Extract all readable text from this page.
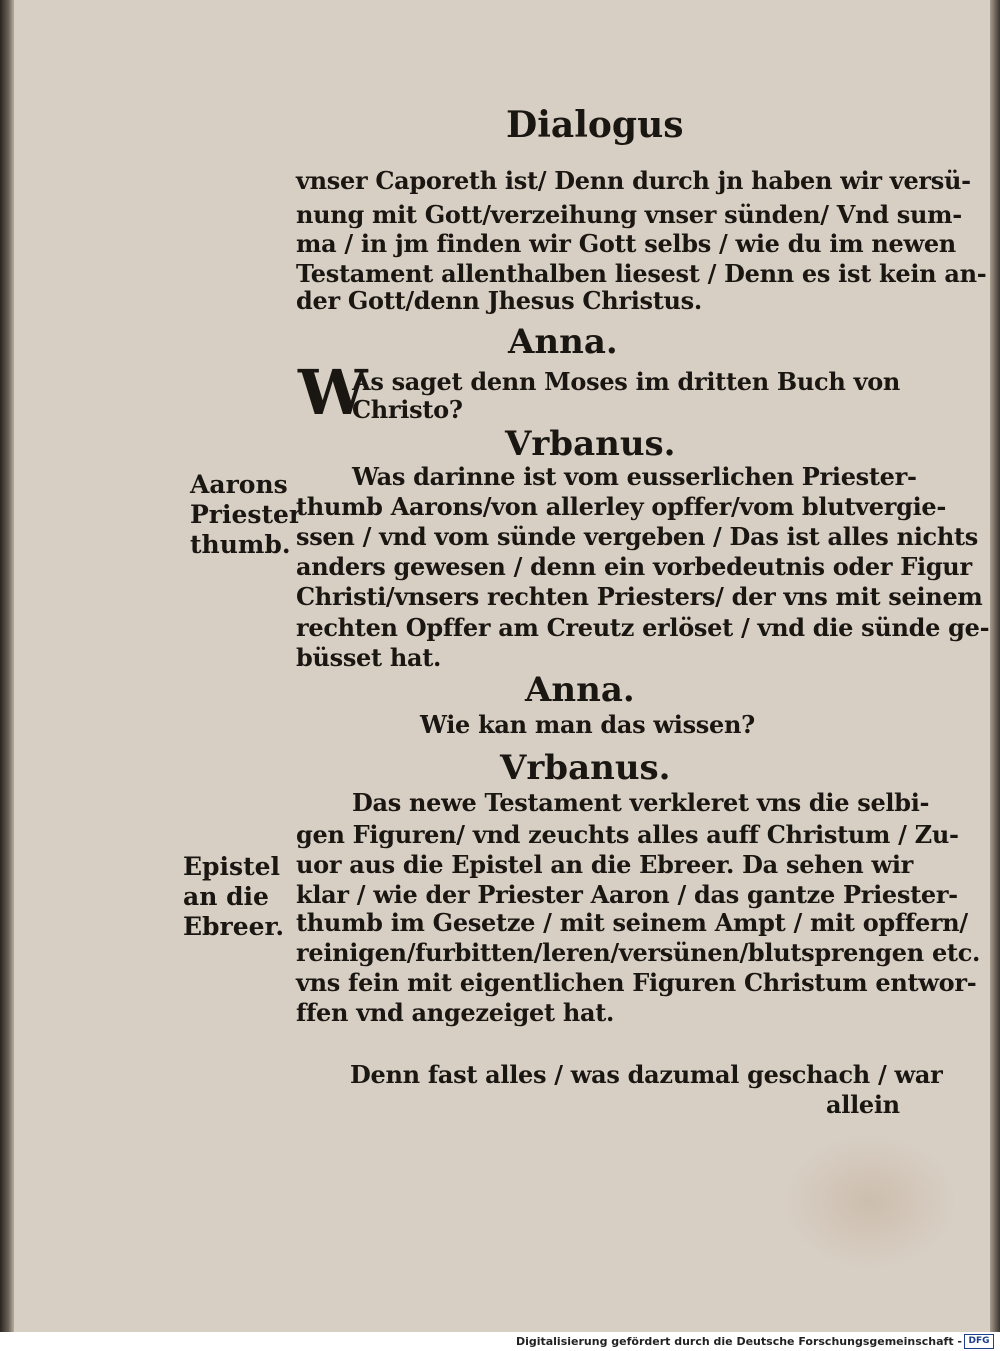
Dialogus
vnser Caporeth ist/ Denn durch jn haben wir versü-
nung mit Gott/verzeihung vnser sünden/ Vnd sum-
ma / in jm finden wir Gott selbs / wie du im newen
Testament allenthalben liesest / Denn es ist kein an-
der Gott/denn Jhesus Christus.
Anna.
W
As saget denn Moses im dritten Buch von
Christo?
Vrbanus.
Aarons
Priester
thumb.
Was darinne ist vom eusserlichen Priester-
thumb Aarons/von allerley opffer/vom blutvergie-
ssen / vnd vom sünde vergeben / Das ist alles nichts
anders gewesen / denn ein vorbedeutnis oder Figur
Christi/vnsers rechten Priesters/ der vns mit seinem
rechten Opffer am Creutz erlöset / vnd die sünde ge-
büsset hat.
Anna.
Wie kan man das wissen?
Vrbanus.
Das newe Testament verkleret vns die selbi-
gen Figuren/ vnd zeuchts alles auff Christum / Zu-
uor aus die Epistel an die Ebreer. Da sehen wir
klar / wie der Priester Aaron / das gantze Priester-
thumb im Gesetze / mit seinem Ampt / mit opffern/
reinigen/furbitten/leren/versünen/blutsprengen etc.
vns fein mit eigentlichen Figuren Christum entwor-
ffen vnd angezeiget hat.
Epistel
an die
Ebreer.
Denn fast alles / was dazumal geschach / war
allein
Digitalisierung gefördert durch die Deutsche Forschungsgemeinschaft - DFG
